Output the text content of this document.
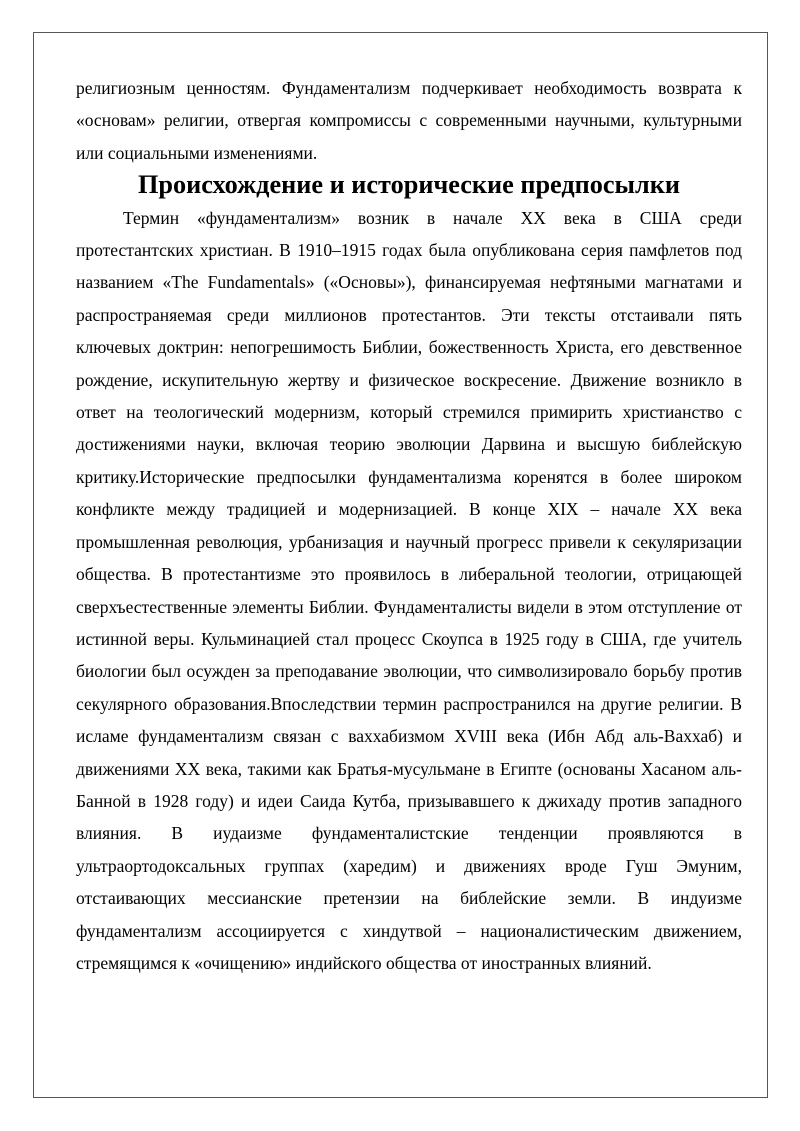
религиозным ценностям. Фундаментализм подчеркивает необходимость возврата к «основам» религии, отвергая компромиссы с современными научными, культурными или социальными изменениями.

Происхождение и исторические предпосылки

Термин «фундаментализм» возник в начале XX века в США среди протестантских христиан. В 1910–1915 годах была опубликована серия памфлетов под названием «The Fundamentals» («Основы»), финансируемая нефтяными магнатами и распространяемая среди миллионов протестантов. Эти тексты отстаивали пять ключевых доктрин: непогрешимость Библии, божественность Христа, его девственное рождение, искупительную жертву и физическое воскресение. Движение возникло в ответ на теологический модернизм, который стремился примирить христианство с достижениями науки, включая теорию эволюции Дарвина и высшую библейскую критику.Исторические предпосылки фундаментализма коренятся в более широком конфликте между традицией и модернизацией. В конце XIX – начале XX века промышленная революция, урбанизация и научный прогресс привели к секуляризации общества. В протестантизме это проявилось в либеральной теологии, отрицающей сверхъестественные элементы Библии. Фундаменталисты видели в этом отступление от истинной веры. Кульминацией стал процесс Скоупса в 1925 году в США, где учитель биологии был осужден за преподавание эволюции, что символизировало борьбу против секулярного образования.Впоследствии термин распространился на другие религии. В исламе фундаментализм связан с ваххабизмом XVIII века (Ибн Абд аль-Ваххаб) и движениями XX века, такими как Братья-мусульмане в Египте (основаны Хасаном аль-Банной в 1928 году) и идеи Саида Кутба, призывавшего к джихаду против западного влияния. В иудаизме фундаменталистские тенденции проявляются в ультраортодоксальных группах (харедим) и движениях вроде Гуш Эмуним, отстаивающих мессианские претензии на библейские земли. В индуизме фундаментализм ассоциируется с хиндутвой – националистическим движением, стремящимся к «очищению» индийского общества от иностранных влияний.
